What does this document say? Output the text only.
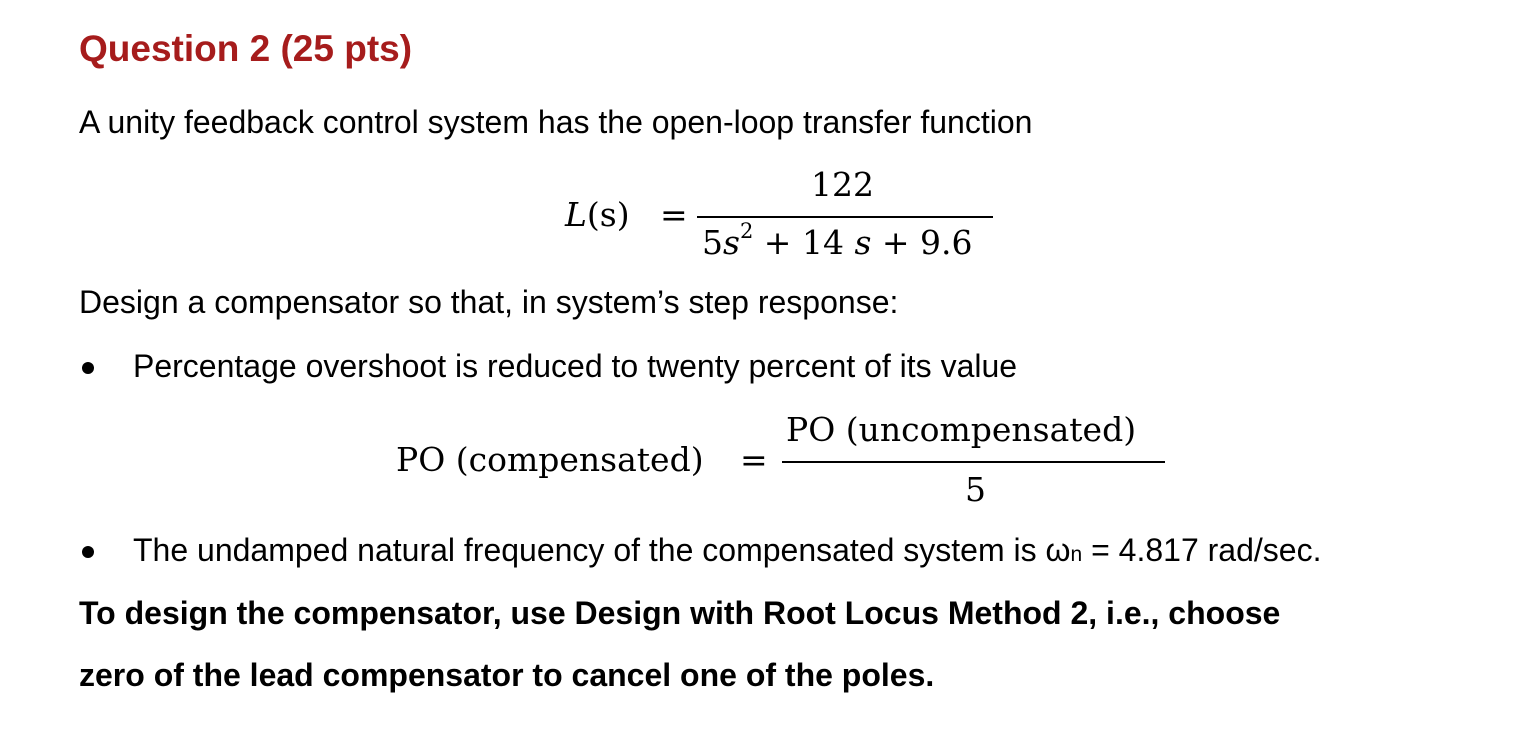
Question 2 (25 pts)
A unity feedback control system has the open-loop transfer function
L(s) =
122
$5s^2 + 14$ s + 9.6
Design a compensator so that, in system’s step response:
Percentage overshoot is reduced to twenty percent of its value
PO (compensated) =
PO (uncompensated)
5
The undamped natural frequency of the compensated system is ωn = 4.817 rad/sec.
To design the compensator, use Design with Root Locus Method 2, i.e., choose
zero of the lead compensator to cancel one of the poles.
